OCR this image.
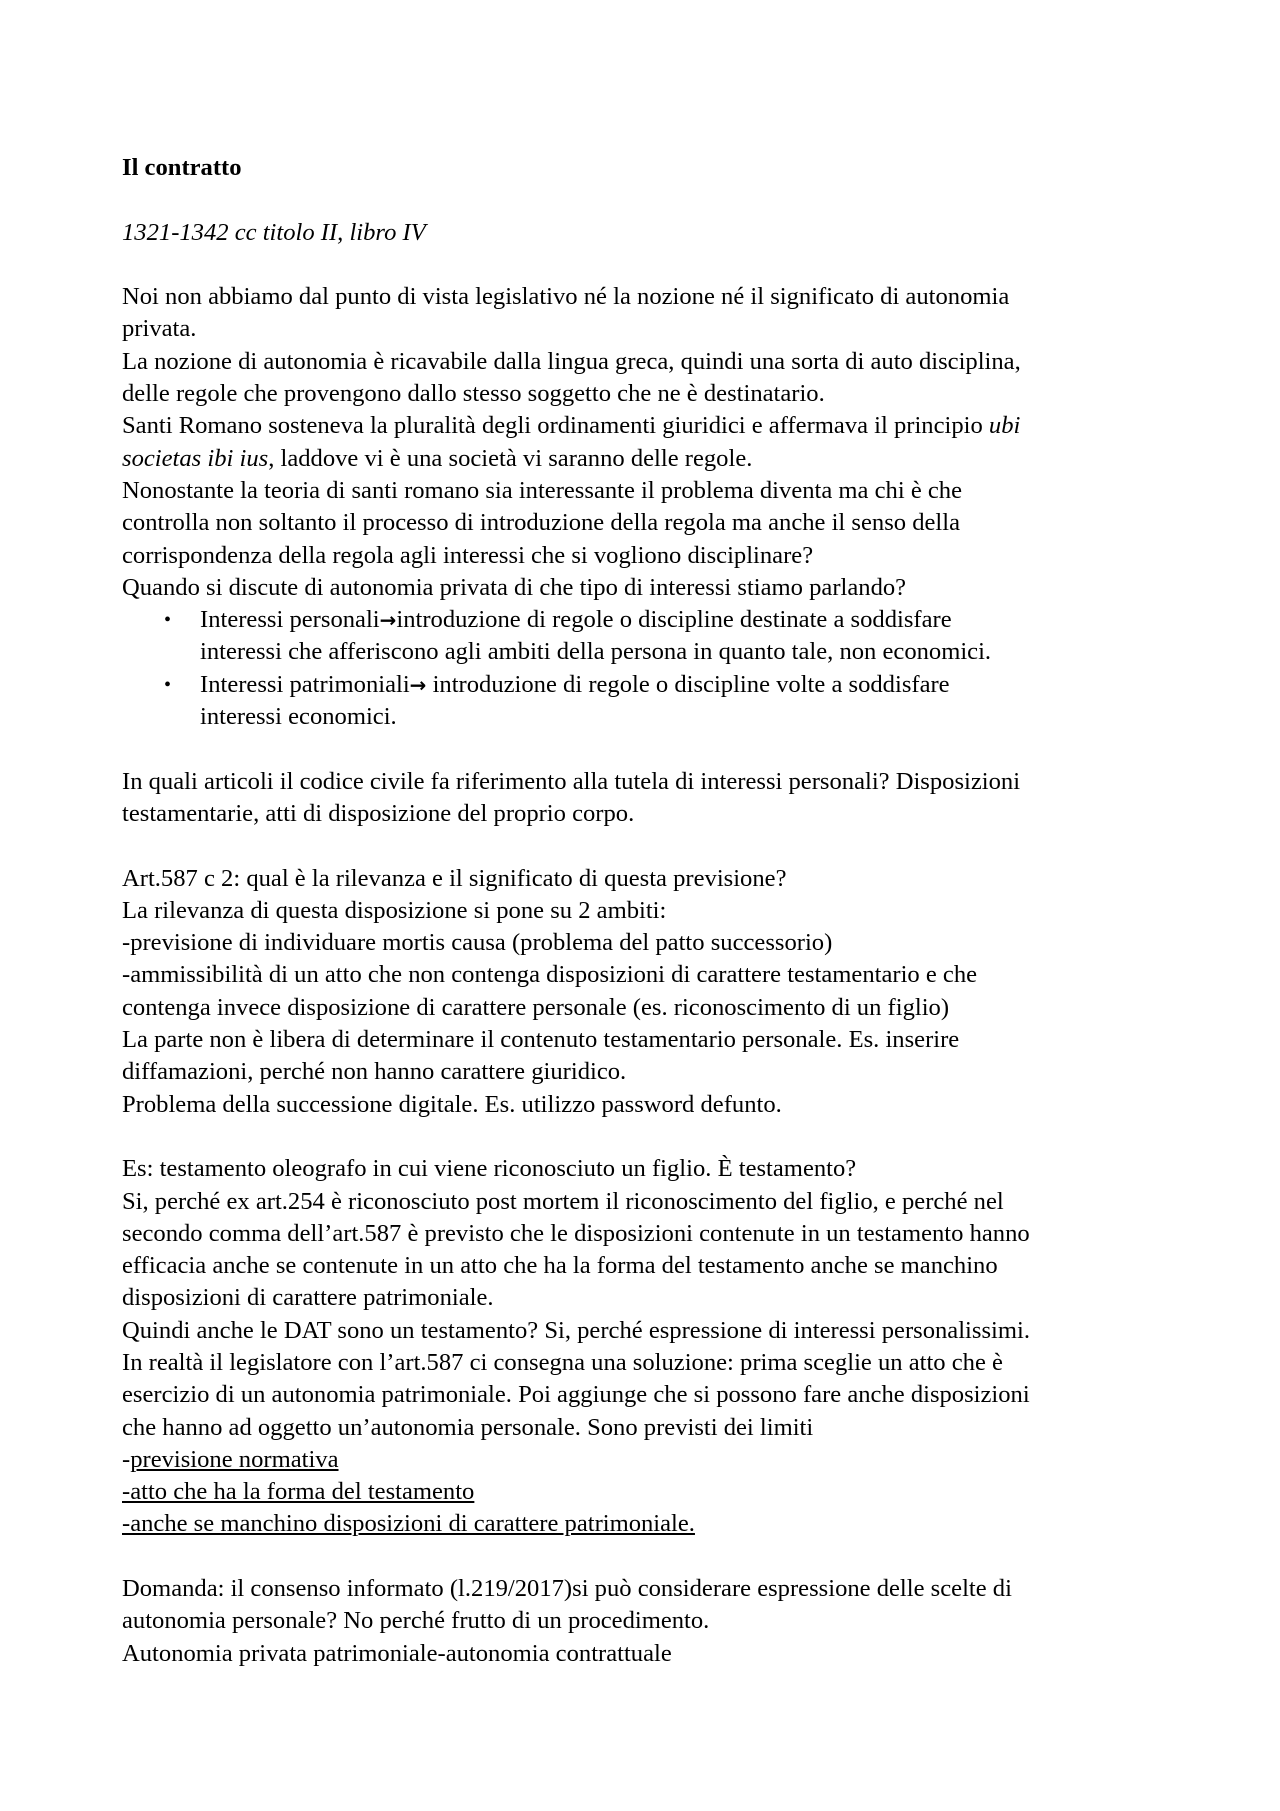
Il contratto

1321-1342 cc titolo II, libro IV

Noi non abbiamo dal punto di vista legislativo né la nozione né il significato di autonomia

privata.

La nozione di autonomia è ricavabile dalla lingua greca, quindi una sorta di auto disciplina,

delle regole che provengono dallo stesso soggetto che ne è destinatario.

Santi Romano sosteneva la pluralità degli ordinamenti giuridici e affermava il principio ubi

societas ibi ius, laddove vi è una società vi saranno delle regole.

Nonostante la teoria di santi romano sia interessante il problema diventa ma chi è che

controlla non soltanto il processo di introduzione della regola ma anche il senso della

corrispondenza della regola agli interessi che si vogliono disciplinare?

Quando si discute di autonomia privata di che tipo di interessi stiamo parlando?

• Interessi personali→introduzione di regole o discipline destinate a soddisfare
interessi che afferiscono agli ambiti della persona in quanto tale, non economici.
• Interessi patrimoniali→ introduzione di regole o discipline volte a soddisfare
interessi economici.

In quali articoli il codice civile fa riferimento alla tutela di interessi personali? Disposizioni

testamentarie, atti di disposizione del proprio corpo.

Art.587 c 2: qual è la rilevanza e il significato di questa previsione?

La rilevanza di questa disposizione si pone su 2 ambiti:

-previsione di individuare mortis causa (problema del patto successorio)

-ammissibilità di un atto che non contenga disposizioni di carattere testamentario e che

contenga invece disposizione di carattere personale (es. riconoscimento di un figlio)

La parte non è libera di determinare il contenuto testamentario personale. Es. inserire

diffamazioni, perché non hanno carattere giuridico.

Problema della successione digitale. Es. utilizzo password defunto.

Es: testamento oleografo in cui viene riconosciuto un figlio. È testamento?

Si, perché ex art.254 è riconosciuto post mortem il riconoscimento del figlio, e perché nel

secondo comma dell’art.587 è previsto che le disposizioni contenute in un testamento hanno

efficacia anche se contenute in un atto che ha la forma del testamento anche se manchino

disposizioni di carattere patrimoniale.

Quindi anche le DAT sono un testamento? Si, perché espressione di interessi personalissimi.

In realtà il legislatore con l’art.587 ci consegna una soluzione: prima sceglie un atto che è

esercizio di un autonomia patrimoniale. Poi aggiunge che si possono fare anche disposizioni

che hanno ad oggetto un’autonomia personale. Sono previsti dei limiti

-previsione normativa

-atto che ha la forma del testamento

-anche se manchino disposizioni di carattere patrimoniale.

Domanda: il consenso informato (l.219/2017)si può considerare espressione delle scelte di

autonomia personale? No perché frutto di un procedimento.

Autonomia privata patrimoniale-autonomia contrattuale
